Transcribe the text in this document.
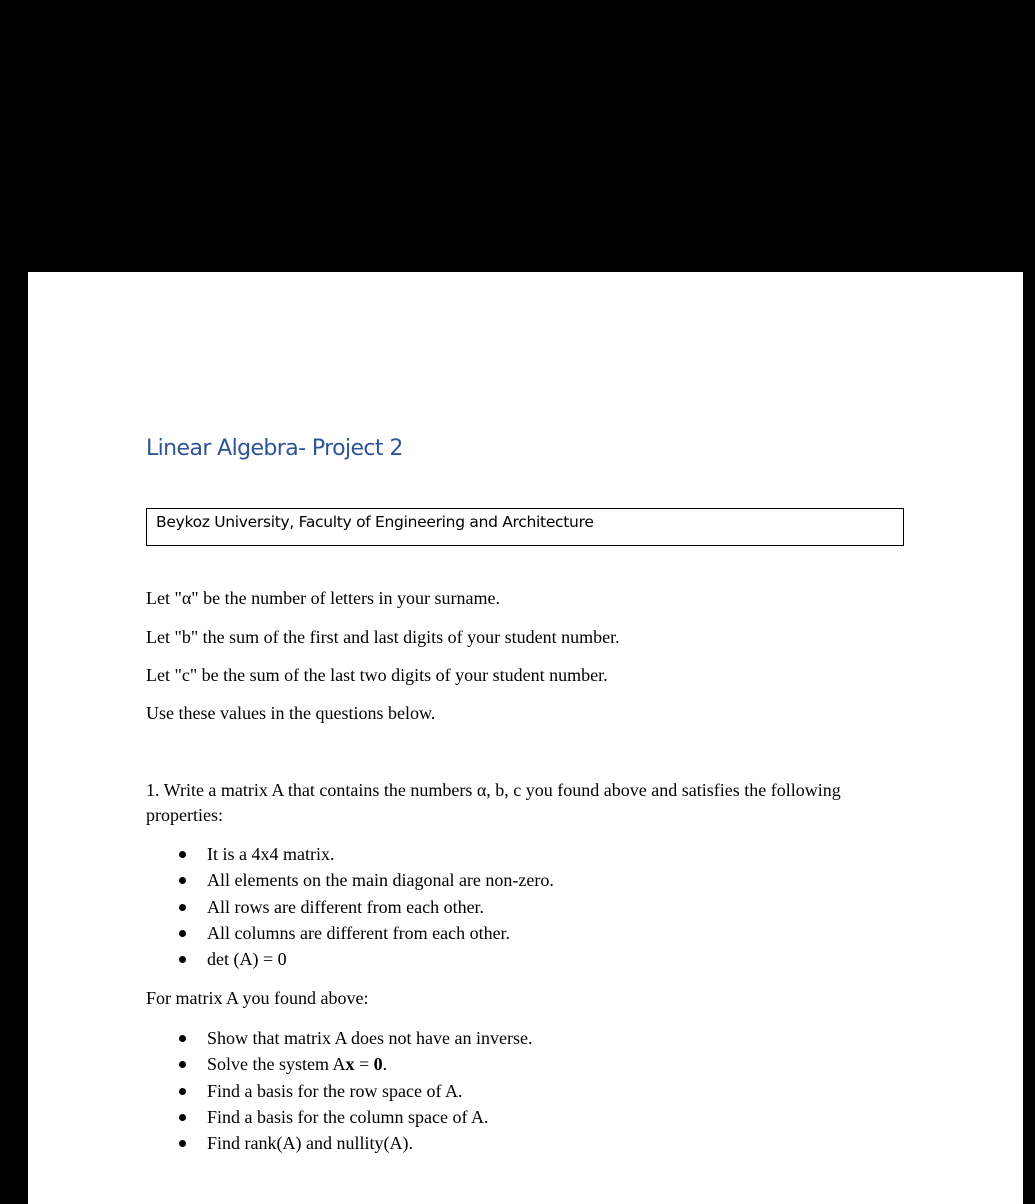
Linear Algebra- Project 2
Beykoz University, Faculty of Engineering and Architecture

Let "α" be the number of letters in your surname.

Let "b" the sum of the first and last digits of your student number.

Let "c" be the sum of the last two digits of your student number.

Use these values in the questions below.

1. Write a matrix A that contains the numbers α, b, c you found above and satisfies the following properties:

It is a 4x4 matrix.
All elements on the main diagonal are non-zero.
All rows are different from each other.
All columns are different from each other.
det (A) = 0

For matrix A you found above:

Show that matrix A does not have an inverse.
Solve the system Ax = 0.
Find a basis for the row space of A.
Find a basis for the column space of A.
Find rank(A) and nullity(A).
